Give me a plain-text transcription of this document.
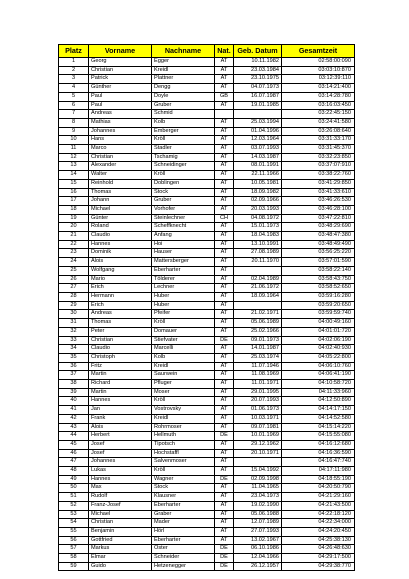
Platz	Vorname	Nachname	Nat.	Geb. Datum	Gesamtzeit
1	Georg	Egger	AT	10.11.1982	02:58:00:090
2	Christian	Kreidl	AT	23.03.1984	03:03:10:870
3	Patrick	Plattner	AT	23.10.1975	03:12:39:110
4	Günther	Dengg	AT	04.07.1973	03:14:21:400
5	Paul	Doyle	GB	16.07.1987	03:14:28:780
6	Paul	Gruber	AT	19.01.1985	03:16:03:450
7	Andreas	Schmid			03:22:45:150
8	Mathias	Kolb	AT	25.03.1994	03:24:41:580
9	Johannes	Emberger	AT	01.04.1996	03:26:08:640
10	Hans	Kröll	AT	12.03.1964	03:31:33:170
11	Marco	Stadler	AT	03.07.1993	03:31:45:370
12	Christian	Tschamig	AT	14.03.1987	03:32:23:850
13	Alexander	Schneidinger	AT	08.01.1991	03:37:07:910
14	Walter	Kröll	AT	22.11.1966	03:38:22:760
15	Reinhold	Doblingen	AT	10.05.1981	03:41:29:850
16	Thomas	Stock	AT	18.09.1982	03:41:33:610
17	Johann	Gruber	AT	02.09.1966	03:46:26:530
18	Michael	Vorhofer	AT	20.03.1993	03:46:28:100
19	Günter	Steinlechner	CH	04.08.1972	03:47:22:810
20	Roland	Scheffknecht	AT	15.01.1973	03:48:29:690
21	Claudio	Anfang	AT	18.04.1983	03:48:47:380
22	Hannes	Hoi	AT	13.10.1991	03:48:49:490
23	Dominik	Hauser	AT	27.08.1989	03:56:25:220
24	Alois	Mattersberger	AT	20.11.1970	03:57:01:590
25	Wolfgang	Eberharter	AT		03:58:22:140
26	Mario	Tölderer	AT	02.04.1989	03:58:43:750
27	Erich	Lechner	AT	21.06.1972	03:58:52:650
28	Hermann	Huber	AT	18.09.1964	03:59:16:280
29	Erich	Huber	AT		03:59:20:650
30	Andreas	Pfeifer	AT	21.02.1971	03:59:59:740
31	Thomas	Kröll	AT	05.06.1989	04:00:49:160
32	Peter	Domauer	AT	25.02.1966	04:01:01:720
33	Christian	Stiefvater	DE	09.01.1973	04:02:06:190
34	Claudio	Marcelli	AT	14.01.1987	04:02:40:930
35	Christoph	Kolb	AT	25.03.1974	04:05:22:800
36	Fritz	Kreidl	AT	11.07.1946	04:06:10:760
37	Martin	Saurwein	AT	11.08.1969	04:06:41:190
38	Richard	Pfluger	AT	11.01.1971	04:10:58:720
39	Martin	Moser	AT	29.01.1995	04:11:33:960
40	Hannes	Kröll	AT	20.07.1993	04:12:50:890
41	Jan	Vostrovsky	AT	01.06.1973	04:14:17:150
42	Frank	Kreidl	AT	10.03.1971	04:14:52:580
43	Alois	Rohrmoser	AT	09.07.1981	04:15:14:220
44	Herbert	Hellmuth	DE	10.01.1969	04:15:55:080
45	Josef	Tipotsch	AT	29.12.1962	04:16:12:680
46	Josef	Hochstaffl	AT	20.10.1971	04:16:36:590
47	Johannes	Salvenmoser	AT		04:16:47:740
48	Lukas	Kröll	AT	15.04.1992	04:17:11:980
49	Hannes	Wagner	DE	02.09.1998	04:18:55:190
50	Max	Stock	AT	11.04.1965	04:20:50:790
51	Rudolf	Klausner	AT	23.04.1973	04:21:29:160
52	Franz-Josef	Eberharter	AT	19.02.1990	04:21:43:500
53	Michael	Graber	AT	05.06.1988	04:22:18:120
54	Christian	Mader	AT	12.07.1989	04:22:34:000
55	Benjamin	Hörl	AT	27.07.1993	04:24:20:450
56	Gottfried	Eberharter	AT	13.02.1967	04:25:38:130
57	Markus	Oster	DE	06.10.1986	04:26:48:630
58	Elmar	Schneider	DE	12.04.1966	04:29:17:500
59	Guido	Hetzenegger	DE	26.12.1957	04:29:38:770
